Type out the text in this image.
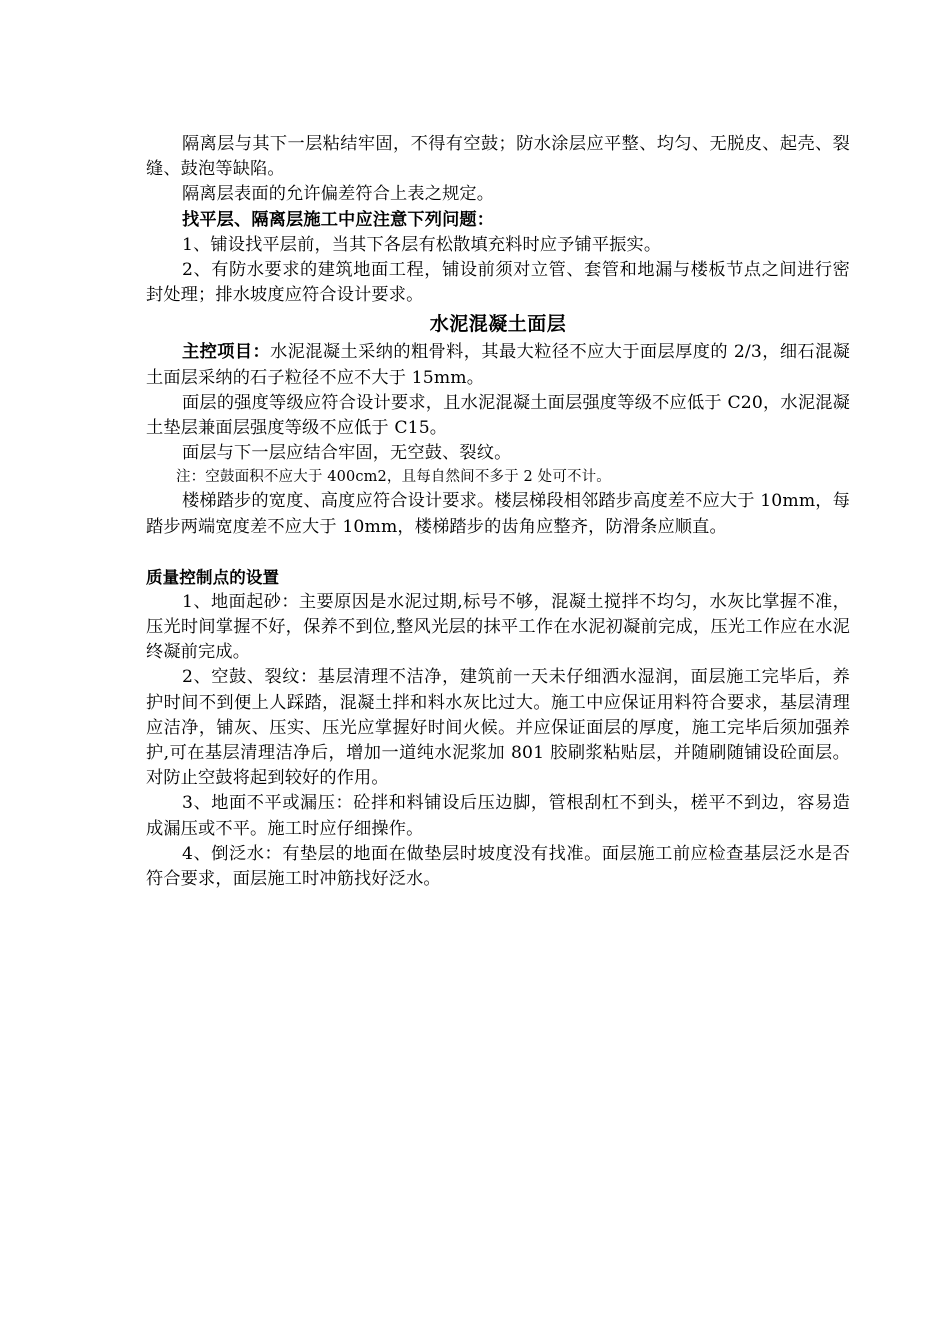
隔离层与其下一层粘结牢固，不得有空鼓；防水涂层应平整、均匀、无脱皮、起壳、裂缝、鼓泡等缺陷。

隔离层表面的允许偏差符合上表之规定。

找平层、隔离层施工中应注意下列问题：

1、铺设找平层前，当其下各层有松散填充料时应予铺平振实。

2、有防水要求的建筑地面工程，铺设前须对立管、套管和地漏与楼板节点之间进行密封处理；排水坡度应符合设计要求。

水泥混凝土面层

主控项目：水泥混凝土采纳的粗骨料，其最大粒径不应大于面层厚度的 2/3，细石混凝土面层采纳的石子粒径不应不大于 15mm。

面层的强度等级应符合设计要求，且水泥混凝土面层强度等级不应低于 C20，水泥混凝土垫层兼面层强度等级不应低于 C15。

面层与下一层应结合牢固，无空鼓、裂纹。

注：空鼓面积不应大于 400cm2，且每自然间不多于 2 处可不计。

楼梯踏步的宽度、高度应符合设计要求。楼层梯段相邻踏步高度差不应大于 10mm，每踏步两端宽度差不应大于 10mm，楼梯踏步的齿角应整齐，防滑条应顺直。

质量控制点的设置

1、地面起砂：主要原因是水泥过期,标号不够，混凝土搅拌不均匀，水灰比掌握不准，压光时间掌握不好，保养不到位,整风光层的抹平工作在水泥初凝前完成，压光工作应在水泥终凝前完成。

2、空鼓、裂纹：基层清理不洁净，建筑前一天未仔细洒水湿润，面层施工完毕后，养护时间不到便上人踩踏，混凝土拌和料水灰比过大。施工中应保证用料符合要求，基层清理应洁净，铺灰、压实、压光应掌握好时间火候。并应保证面层的厚度，施工完毕后须加强养护,可在基层清理洁净后，增加一道纯水泥浆加 801 胶刷浆粘贴层，并随刷随铺设砼面层。对防止空鼓将起到较好的作用。

3、地面不平或漏压：砼拌和料铺设后压边脚，管根刮杠不到头，槎平不到边，容易造成漏压或不平。施工时应仔细操作。

4、倒泛水：有垫层的地面在做垫层时坡度没有找准。面层施工前应检查基层泛水是否符合要求，面层施工时冲筋找好泛水。
